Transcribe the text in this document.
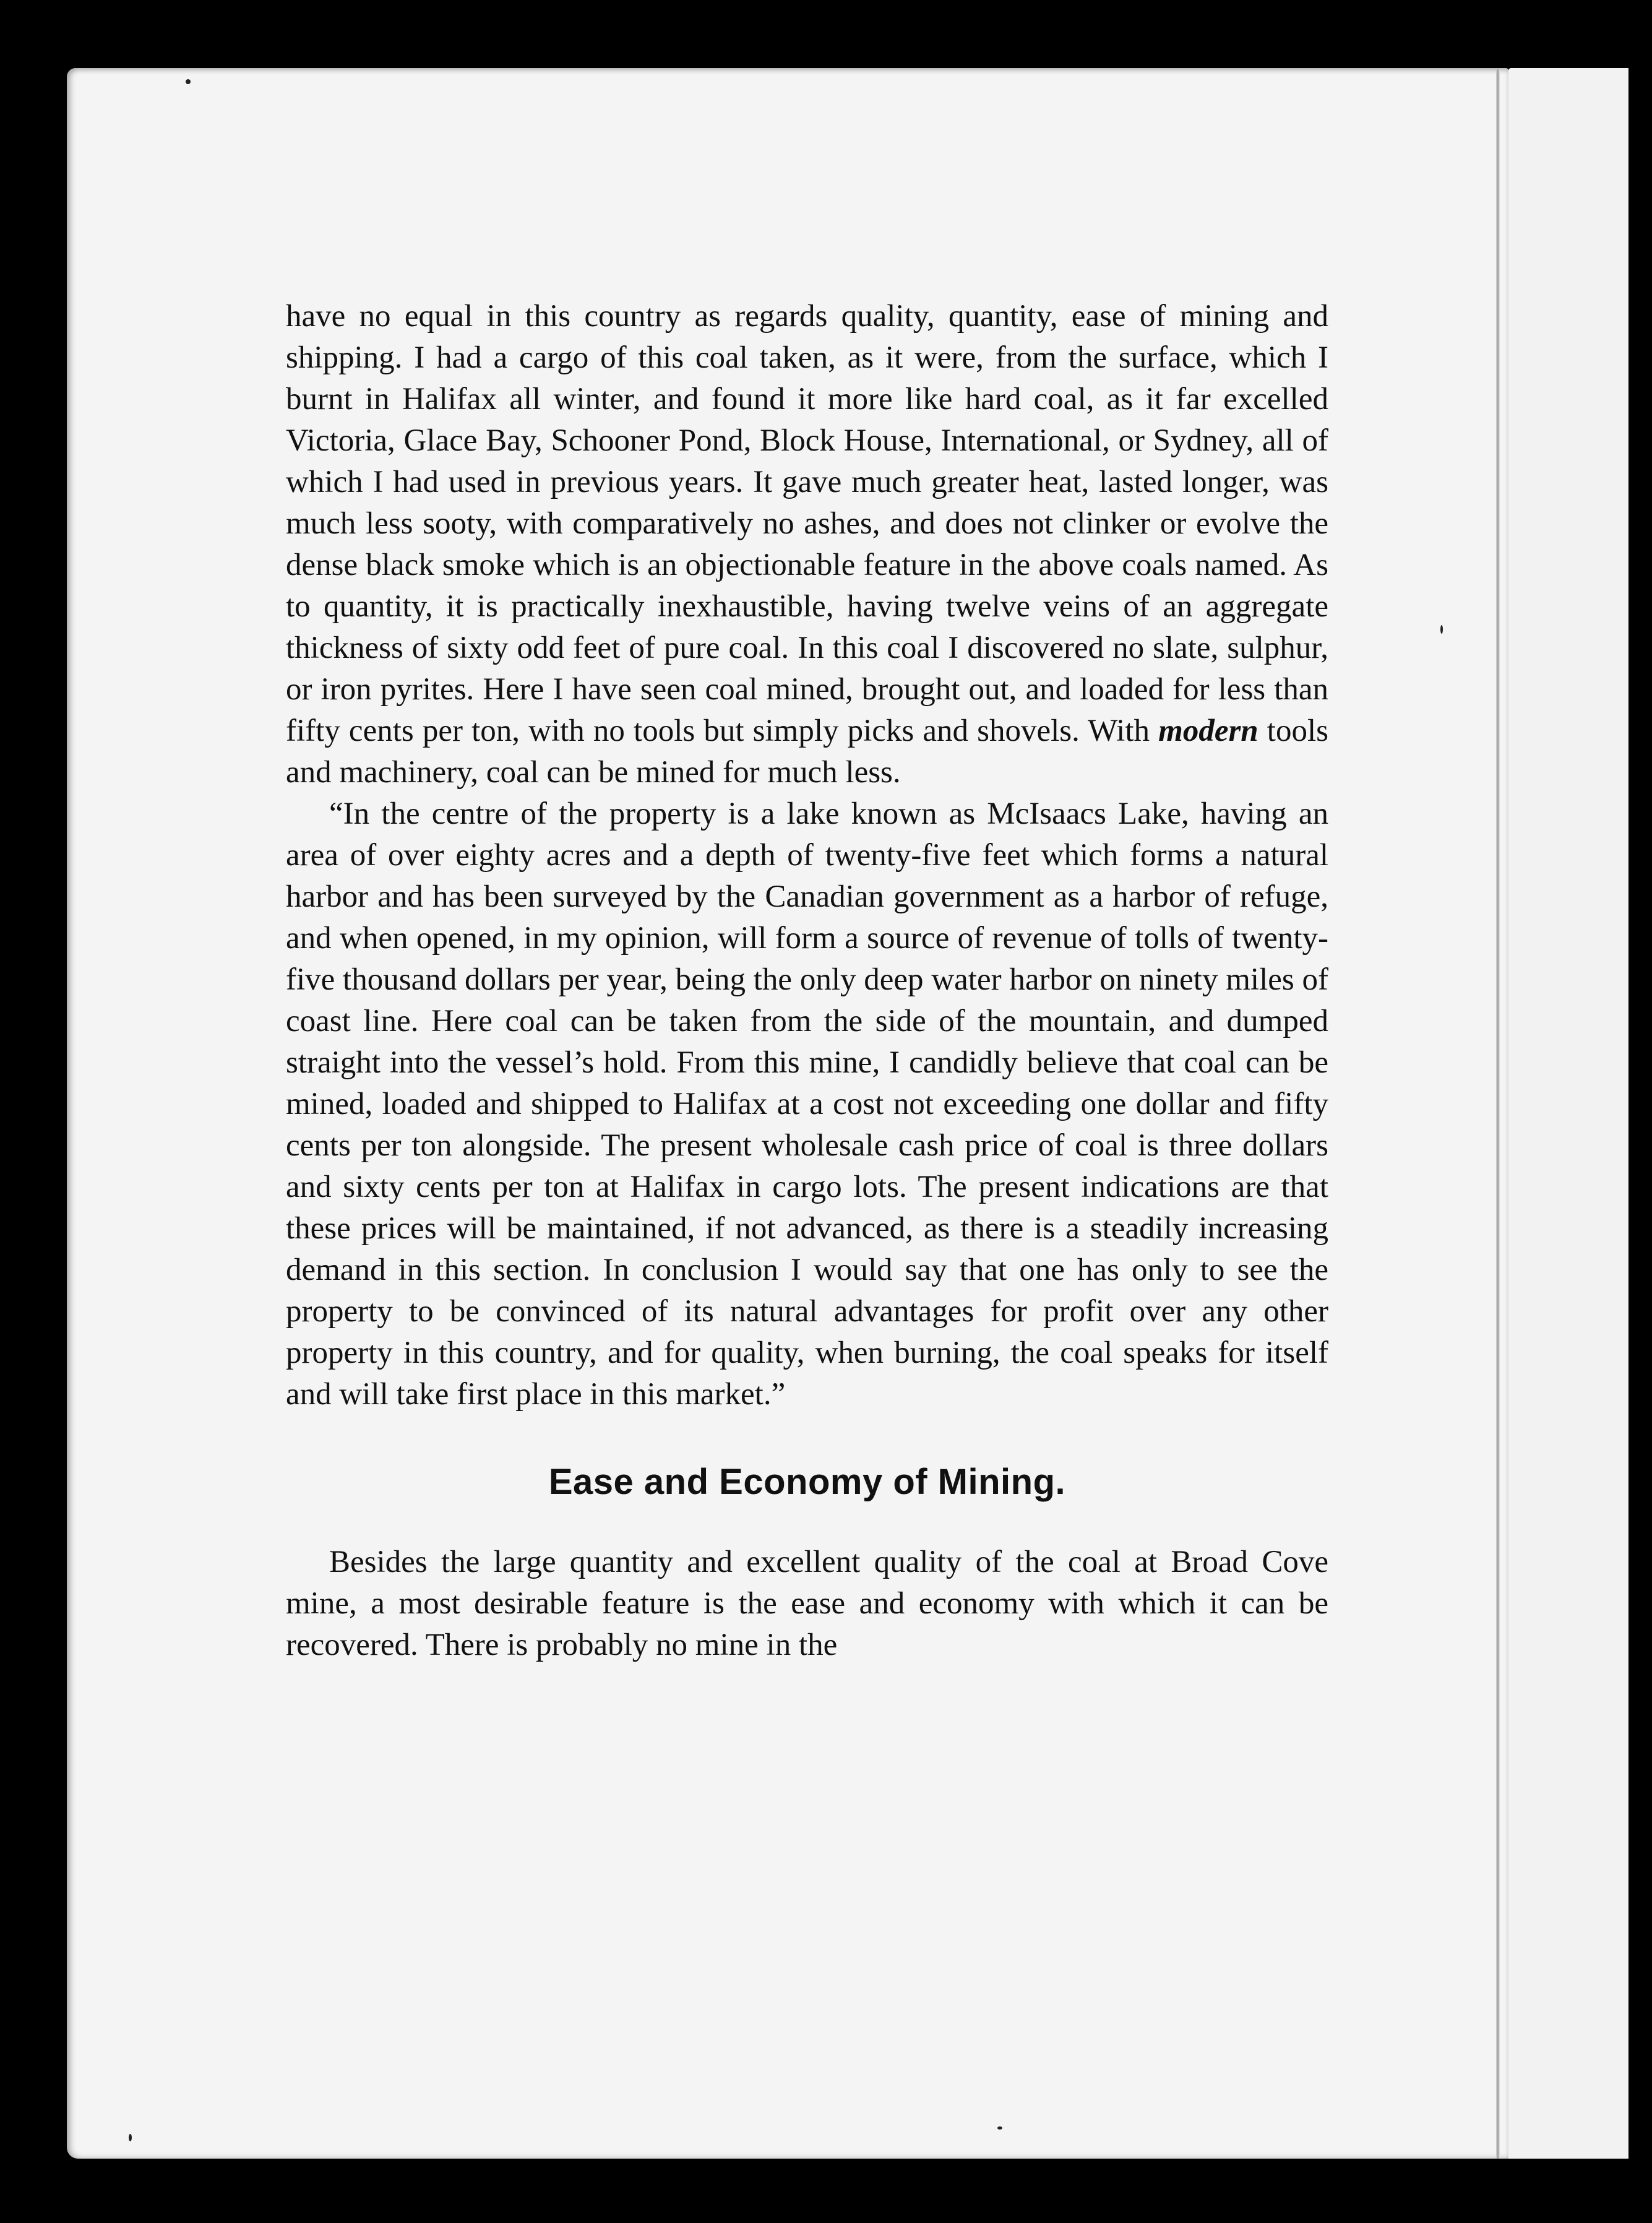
have no equal in this country as regards quality, quantity, ease of mining and shipping. I had a cargo of this coal taken, as it were, from the surface, which I burnt in Halifax all winter, and found it more like hard coal, as it far excelled Victoria, Glace Bay, Schooner Pond, Block House, International, or Sydney, all of which I had used in previous years. It gave much greater heat, lasted longer, was much less sooty, with comparatively no ashes, and does not clinker or evolve the dense black smoke which is an objectionable feature in the above coals named. As to quantity, it is practically inexhaustible, having twelve veins of an aggregate thickness of sixty odd feet of pure coal. In this coal I discovered no slate, sulphur, or iron pyrites. Here I have seen coal mined, brought out, and loaded for less than fifty cents per ton, with no tools but simply picks and shovels. With modern tools and machinery, coal can be mined for much less.

“In the centre of the property is a lake known as McIsaacs Lake, having an area of over eighty acres and a depth of twenty-five feet which forms a natural harbor and has been surveyed by the Canadian government as a harbor of refuge, and when opened, in my opinion, will form a source of revenue of tolls of twenty-five thousand dollars per year, being the only deep water harbor on ninety miles of coast line. Here coal can be taken from the side of the mountain, and dumped straight into the vessel’s hold. From this mine, I candidly believe that coal can be mined, loaded and shipped to Halifax at a cost not exceeding one dollar and fifty cents per ton alongside. The present wholesale cash price of coal is three dollars and sixty cents per ton at Halifax in cargo lots. The present indications are that these prices will be maintained, if not advanced, as there is a steadily increasing demand in this section. In conclusion I would say that one has only to see the property to be convinced of its natural advantages for profit over any other property in this country, and for quality, when burning, the coal speaks for itself and will take first place in this market.”

Ease and Economy of Mining.

Besides the large quantity and excellent quality of the coal at Broad Cove mine, a most desirable feature is the ease and economy with which it can be recovered. There is probably no mine in the
